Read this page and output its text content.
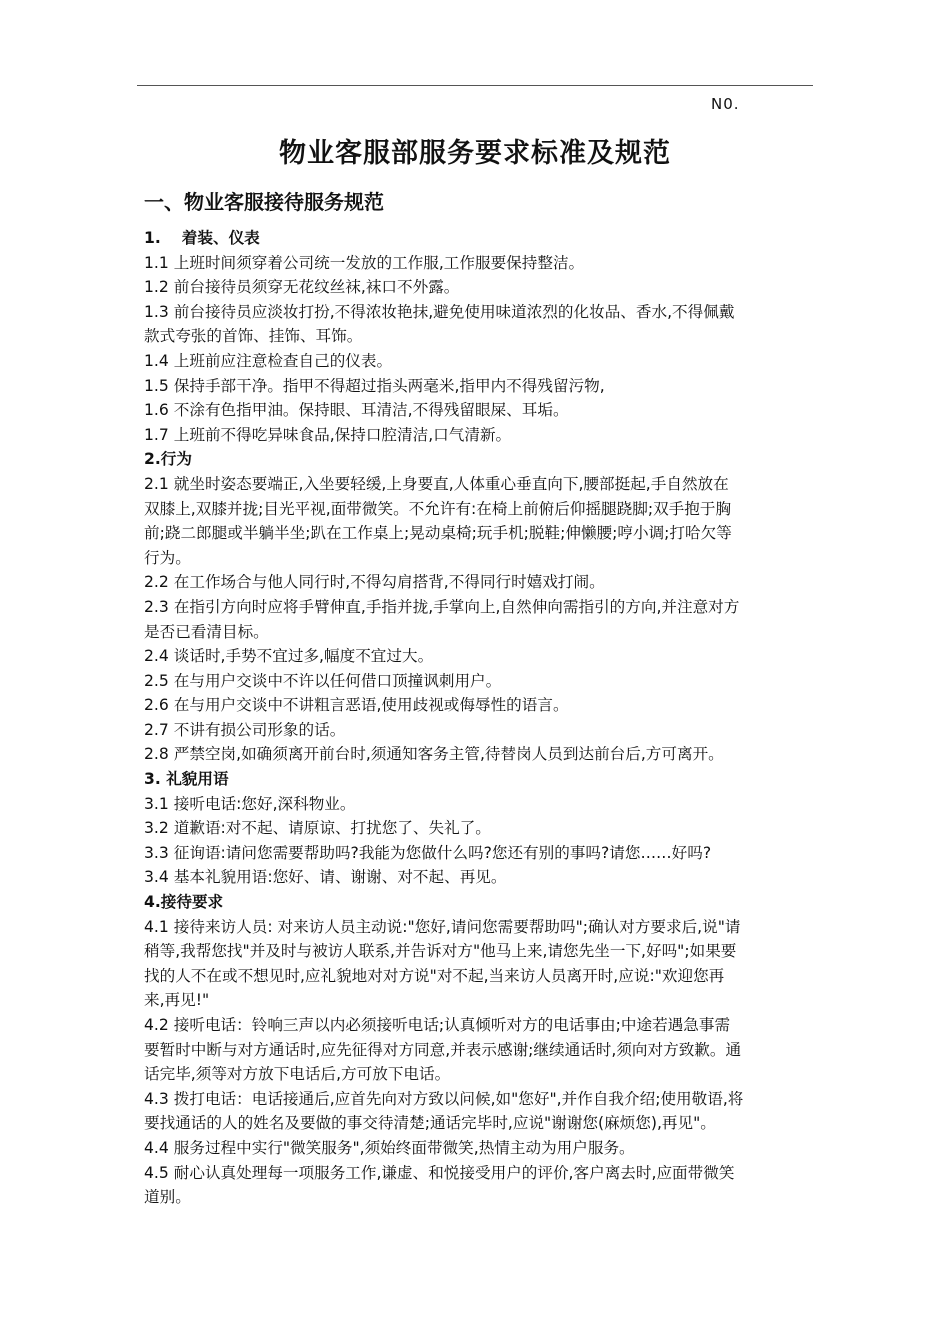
N0.
物业客服部服务要求标准及规范
一、物业客服接待服务规范
1.　 着装、仪表
1.1 上班时间须穿着公司统一发放的工作服,工作服要保持整洁。
1.2 前台接待员须穿无花纹丝袜,袜口不外露。
1.3 前台接待员应淡妆打扮,不得浓妆艳抹,避免使用味道浓烈的化妆品、香水,不得佩戴
款式夸张的首饰、挂饰、耳饰。
1.4 上班前应注意检查自己的仪表。
1.5 保持手部干净。指甲不得超过指头两毫米,指甲内不得残留污物,
1.6 不涂有色指甲油。保持眼、耳清洁,不得残留眼屎、耳垢。
1.7 上班前不得吃异味食品,保持口腔清洁,口气清新。
2.行为
2.1 就坐时姿态要端正,入坐要轻缓,上身要直,人体重心垂直向下,腰部挺起,手自然放在
双膝上,双膝并拢;目光平视,面带微笑。不允许有:在椅上前俯后仰摇腿跷脚;双手抱于胸
前;跷二郎腿或半躺半坐;趴在工作桌上;晃动桌椅;玩手机;脱鞋;伸懒腰;哼小调;打哈欠等
行为。
2.2 在工作场合与他人同行时,不得勾肩搭背,不得同行时嬉戏打闹。
2.3 在指引方向时应将手臂伸直,手指并拢,手掌向上,自然伸向需指引的方向,并注意对方
是否已看清目标。
2.4 谈话时,手势不宜过多,幅度不宜过大。
2.5 在与用户交谈中不许以任何借口顶撞讽刺用户。
2.6 在与用户交谈中不讲粗言恶语,使用歧视或侮辱性的语言。
2.7 不讲有损公司形象的话。
2.8 严禁空岗,如确须离开前台时,须通知客务主管,待替岗人员到达前台后,方可离开。
3. 礼貌用语
3.1 接听电话:您好,深科物业。
3.2 道歉语:对不起、请原谅、打扰您了、失礼了。
3.3 征询语:请问您需要帮助吗?我能为您做什么吗?您还有别的事吗?请您……好吗?
3.4 基本礼貌用语:您好、请、谢谢、对不起、再见。
4.接待要求
4.1 接待来访人员: 对来访人员主动说:"您好,请问您需要帮助吗";确认对方要求后,说"请
稍等,我帮您找"并及时与被访人联系,并告诉对方"他马上来,请您先坐一下,好吗";如果要
找的人不在或不想见时,应礼貌地对对方说"对不起,当来访人员离开时,应说:"欢迎您再
来,再见!"
4.2 接听电话：铃响三声以内必须接听电话;认真倾听对方的电话事由;中途若遇急事需
要暂时中断与对方通话时,应先征得对方同意,并表示感谢;继续通话时,须向对方致歉。通
话完毕,须等对方放下电话后,方可放下电话。
4.3 拨打电话：电话接通后,应首先向对方致以问候,如"您好",并作自我介绍;使用敬语,将
要找通话的人的姓名及要做的事交待清楚;通话完毕时,应说"谢谢您(麻烦您),再见"。
4.4 服务过程中实行"微笑服务",须始终面带微笑,热情主动为用户服务。
4.5 耐心认真处理每一项服务工作,谦虚、和悦接受用户的评价,客户离去时,应面带微笑
道别。
